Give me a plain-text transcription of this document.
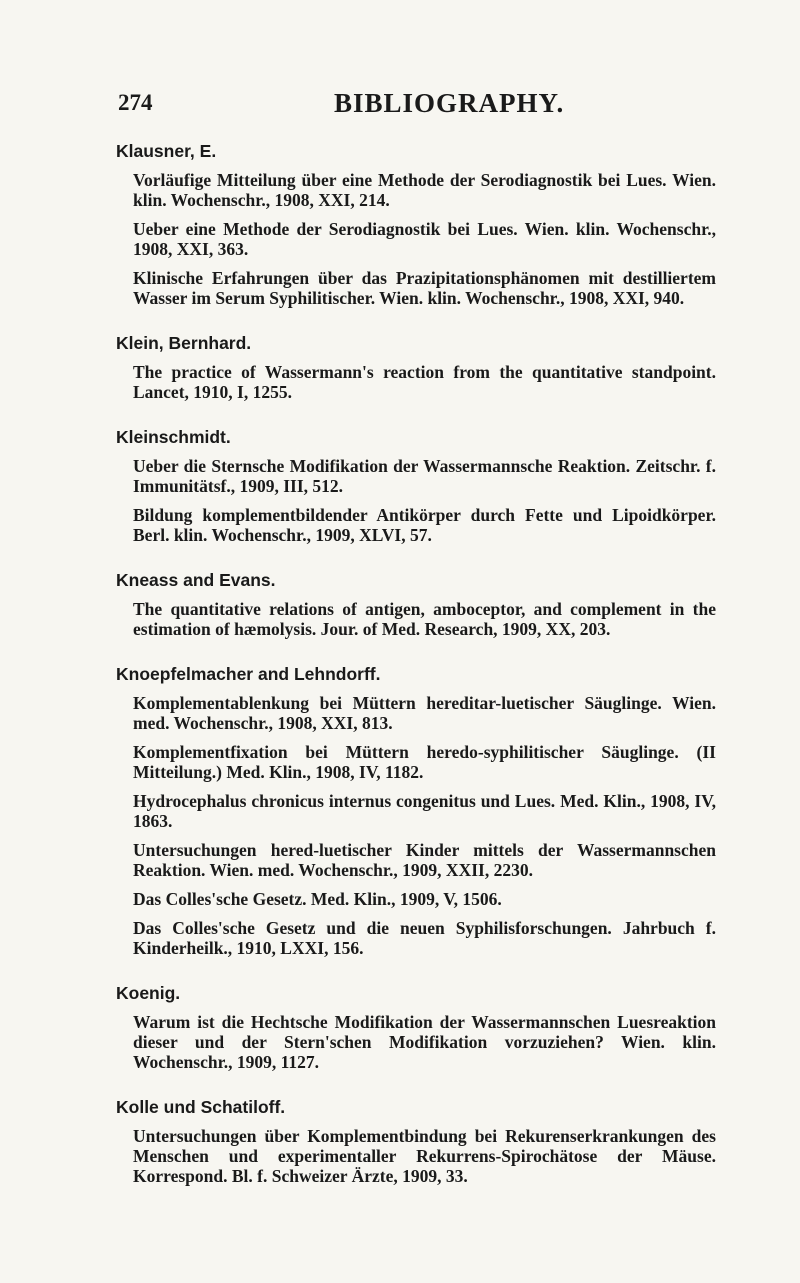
274	BIBLIOGRAPHY.
Klausner, E.

Vorläufige Mitteilung über eine Methode der Serodiagnostik bei Lues. Wien. klin. Wochenschr., 1908, XXI, 214.

Ueber eine Methode der Serodiagnostik bei Lues. Wien. klin. Wochenschr., 1908, XXI, 363.

Klinische Erfahrungen über das Prazipitationsphänomen mit destilliertem Wasser im Serum Syphilitischer. Wien. klin. Wochenschr., 1908, XXI, 940.

Klein, Bernhard.

The practice of Wassermann's reaction from the quantitative standpoint. Lancet, 1910, I, 1255.

Kleinschmidt.

Ueber die Sternsche Modifikation der Wassermannsche Reaktion. Zeitschr. f. Immunitätsf., 1909, III, 512.

Bildung komplementbildender Antikörper durch Fette und Lipoidkörper. Berl. klin. Wochenschr., 1909, XLVI, 57.

Kneass and Evans.

The quantitative relations of antigen, amboceptor, and complement in the estimation of hæmolysis. Jour. of Med. Research, 1909, XX, 203.

Knoepfelmacher and Lehndorff.

Komplementablenkung bei Müttern hereditar-luetischer Säuglinge. Wien. med. Wochenschr., 1908, XXI, 813.

Komplementfixation bei Müttern heredo-syphilitischer Säuglinge. (II Mitteilung.) Med. Klin., 1908, IV, 1182.

Hydrocephalus chronicus internus congenitus und Lues. Med. Klin., 1908, IV, 1863.

Untersuchungen hered-luetischer Kinder mittels der Wassermannschen Reaktion. Wien. med. Wochenschr., 1909, XXII, 2230.

Das Colles'sche Gesetz. Med. Klin., 1909, V, 1506.

Das Colles'sche Gesetz und die neuen Syphilisforschungen. Jahrbuch f. Kinderheilk., 1910, LXXI, 156.

Koenig.

Warum ist die Hechtsche Modifikation der Wassermannschen Luesreaktion dieser und der Stern'schen Modifikation vorzuziehen? Wien. klin. Wochenschr., 1909, 1127.

Kolle und Schatiloff.

Untersuchungen über Komplementbindung bei Rekurenserkrankungen des Menschen und experimentaller Rekurrens-Spirochätose der Mäuse. Korrespond. Bl. f. Schweizer Ärzte, 1909, 33.
